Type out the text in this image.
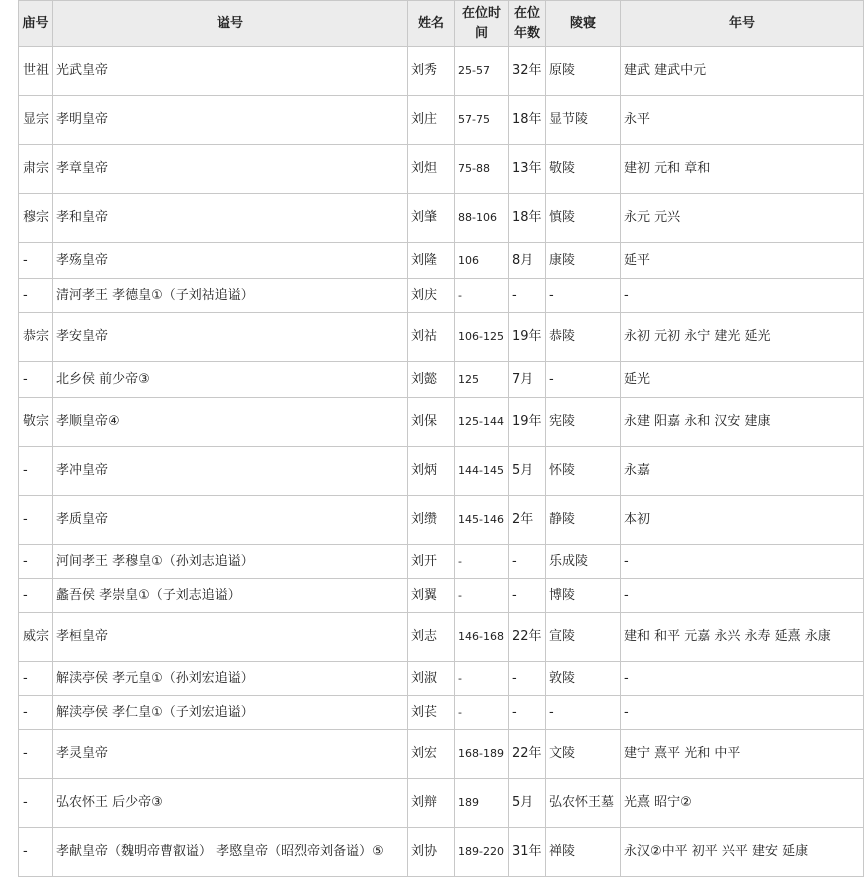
庙号	谥号	姓名	在位时间	在位年数	陵寝	年号
世祖	光武皇帝	刘秀	25-57	32年	原陵	建武 建武中元
显宗	孝明皇帝	刘庄	57-75	18年	显节陵	永平
肃宗	孝章皇帝	刘炟	75-88	13年	敬陵	建初 元和 章和
穆宗	孝和皇帝	刘肇	88-106	18年	慎陵	永元 元兴
-	孝殇皇帝	刘隆	106	8月	康陵	延平
-	清河孝王 孝德皇①（子刘祜追谥）	刘庆	-	-	-	-
恭宗	孝安皇帝	刘祜	106-125	19年	恭陵	永初 元初 永宁 建光 延光
-	北乡侯 前少帝③	刘懿	125	7月	-	延光
敬宗	孝顺皇帝④	刘保	125-144	19年	宪陵	永建 阳嘉 永和 汉安 建康
-	孝冲皇帝	刘炳	144-145	5月	怀陵	永嘉
-	孝质皇帝	刘缵	145-146	2年	静陵	本初
-	河间孝王 孝穆皇①（孙刘志追谥）	刘开	-	-	乐成陵	-
-	蠡吾侯 孝崇皇①（子刘志追谥）	刘翼	-	-	博陵	-
威宗	孝桓皇帝	刘志	146-168	22年	宣陵	建和 和平 元嘉 永兴 永寿 延熹 永康
-	解渎亭侯 孝元皇①（孙刘宏追谥）	刘淑	-	-	敦陵	-
-	解渎亭侯 孝仁皇①（子刘宏追谥）	刘苌	-	-	-	-
-	孝灵皇帝	刘宏	168-189	22年	文陵	建宁 熹平 光和 中平
-	弘农怀王 后少帝③	刘辩	189	5月	弘农怀王墓	光熹 昭宁②
-	孝献皇帝（魏明帝曹叡谥） 孝愍皇帝（昭烈帝刘备谥）⑤	刘协	189-220	31年	禅陵	永汉②中平 初平 兴平 建安 延康
